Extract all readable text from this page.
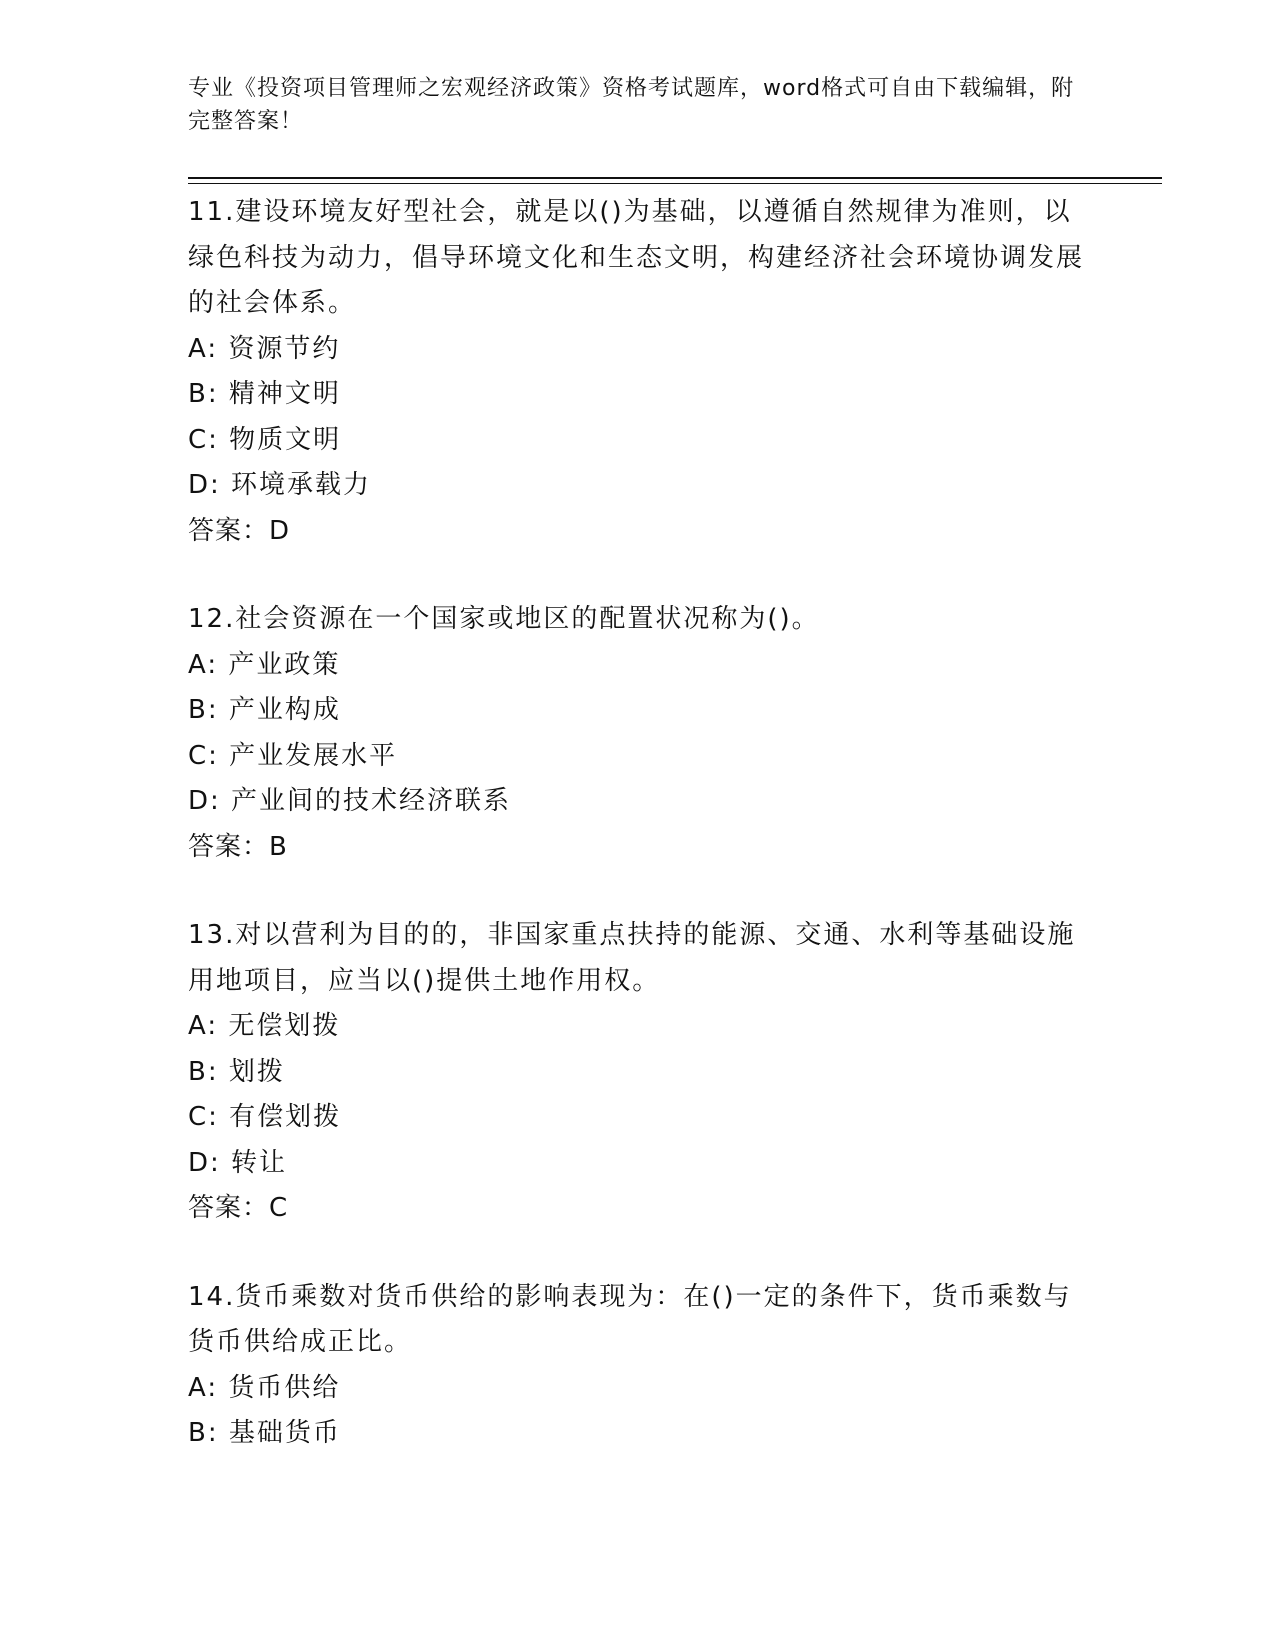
专业《投资项目管理师之宏观经济政策》资格考试题库，word格式可自由下载编辑，附完整答案！

11.建设环境友好型社会，就是以()为基础，以遵循自然规律为准则，以绿色科技为动力，倡导环境文化和生态文明，构建经济社会环境协调发展的社会体系。

A: 资源节约
B: 精神文明
C: 物质文明
D: 环境承载力
答案：D

12.社会资源在一个国家或地区的配置状况称为()。

A: 产业政策
B: 产业构成
C: 产业发展水平
D: 产业间的技术经济联系
答案：B

13.对以营利为目的的，非国家重点扶持的能源、交通、水利等基础设施用地项目，应当以()提供土地作用权。

A: 无偿划拨
B: 划拨
C: 有偿划拨
D: 转让
答案：C

14.货币乘数对货币供给的影响表现为：在()一定的条件下，货币乘数与货币供给成正比。

A: 货币供给
B: 基础货币
